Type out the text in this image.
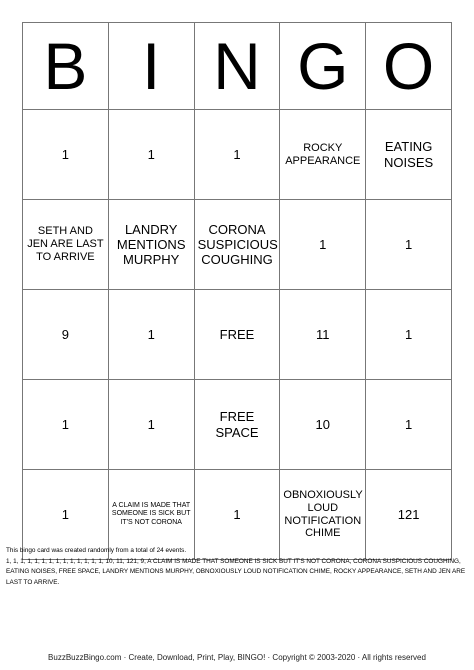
B	I	N	G	O
1	1	1	ROCKY APPEARANCE	EATING NOISES
SETH AND JEN ARE LAST TO ARRIVE	LANDRY MENTIONS MURPHY	CORONA SUSPICIOUS COUGHING	1	1
9	1	FREE	11	1
1	1	FREE SPACE	10	1
1	A CLAIM IS MADE THAT SOMEONE IS SICK BUT IT'S NOT CORONA	1	OBNOXIOUSLY LOUD NOTIFICATION CHIME	121
This bingo card was created randomly from a total of 24 events.
1, 1, 1, 1, 1, 1, 1, 1, 1, 1, 1, 1, 1, 1, 10, 11, 121, 9, A CLAIM IS MADE THAT SOMEONE IS SICK BUT IT'S NOT CORONA, CORONA SUSPICIOUS COUGHING, EATING NOISES, FREE SPACE, LANDRY MENTIONS MURPHY, OBNOXIOUSLY LOUD NOTIFICATION CHIME, ROCKY APPEARANCE, SETH AND JEN ARE LAST TO ARRIVE.
BuzzBuzzBingo.com · Create, Download, Print, Play, BINGO! · Copyright © 2003-2020 · All rights reserved
